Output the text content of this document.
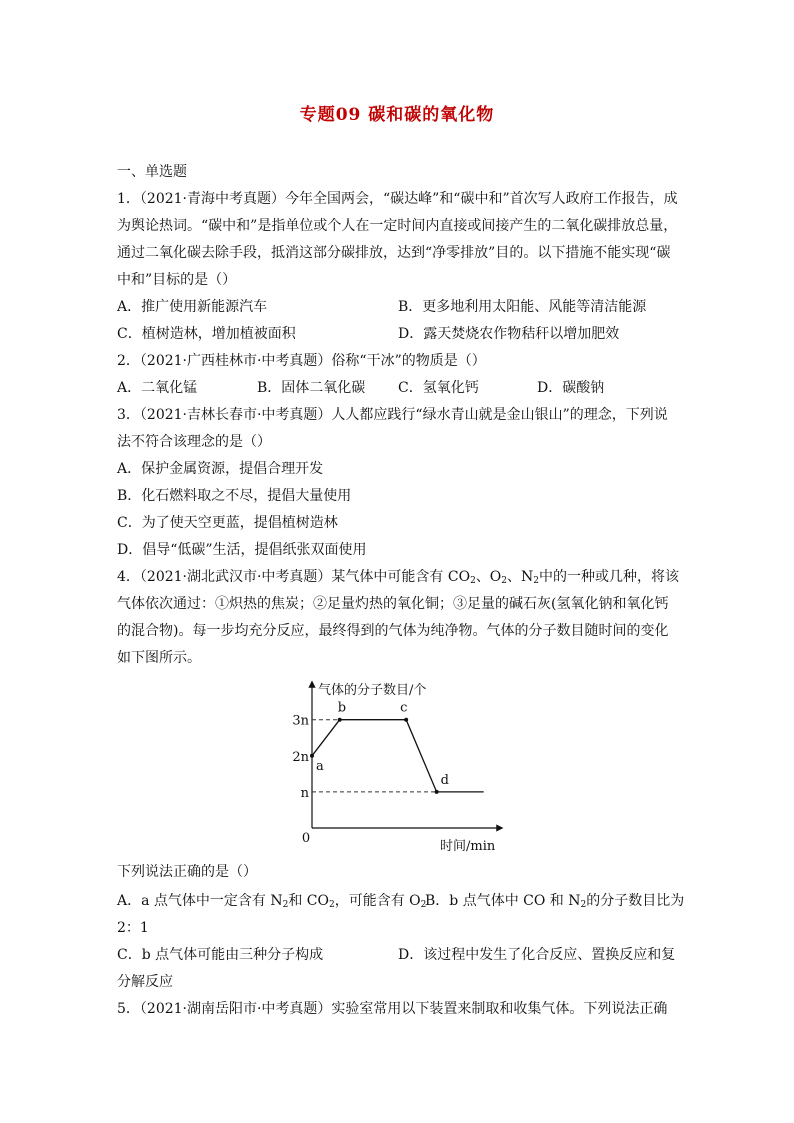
专题09 碳和碳的氧化物
一、单选题
1．（2021·青海中考真题）今年全国两会，“碳达峰”和“碳中和”首次写人政府工作报告，成
为舆论热词。“碳中和”是指单位或个人在一定时间内直接或间接产生的二氧化碳排放总量，
通过二氧化碳去除手段，抵消这部分碳排放，达到“净零排放”目的。以下措施不能实现“碳
中和”目标的是（）
A．推广使用新能源汽车	B．更多地利用太阳能、风能等清洁能源
C．植树造林，增加植被面积	D．露天焚烧农作物秸秆以增加肥效
2．（2021·广西桂林市·中考真题）俗称“干冰”的物质是（）
A．二氧化锰	B．固体二氧化碳 C．氢氧化钙	D．碳酸钠
3．（2021·吉林长春市·中考真题）人人都应践行“绿水青山就是金山银山”的理念，下列说
法不符合该理念的是（）
A．保护金属资源，提倡合理开发
B．化石燃料取之不尽，提倡大量使用
C．为了使天空更蓝，提倡植树造林
D．倡导“低碳”生活，提倡纸张双面使用
4．（2021·湖北武汉市·中考真题）某气体中可能含有 $CO_2$、$O_2$、$N_2$中的一种或几种，将该
气体依次通过：①炽热的焦炭；②足量灼热的氧化铜；③足量的碱石灰(氢氧化钠和氧化钙
的混合物)。每一步均充分反应，最终得到的气体为纯净物。气体的分子数目随时间的变化
如下图所示。
气体的分子数目/个
时间/min
0
n
2n
3n
a
b	c
d
下列说法正确的是（）
A．a 点气体中一定含有 $N_2$和 $CO_2$，可能含有 $O_2$
B．b 点气体中 CO 和 $N_2$的分子数目比为
2：1
C．b 点气体可能由三种分子构成	D．该过程中发生了化合反应、置换反应和复
分解反应
5．（2021·湖南岳阳市·中考真题）实验室常用以下装置来制取和收集气体。下列说法正确
